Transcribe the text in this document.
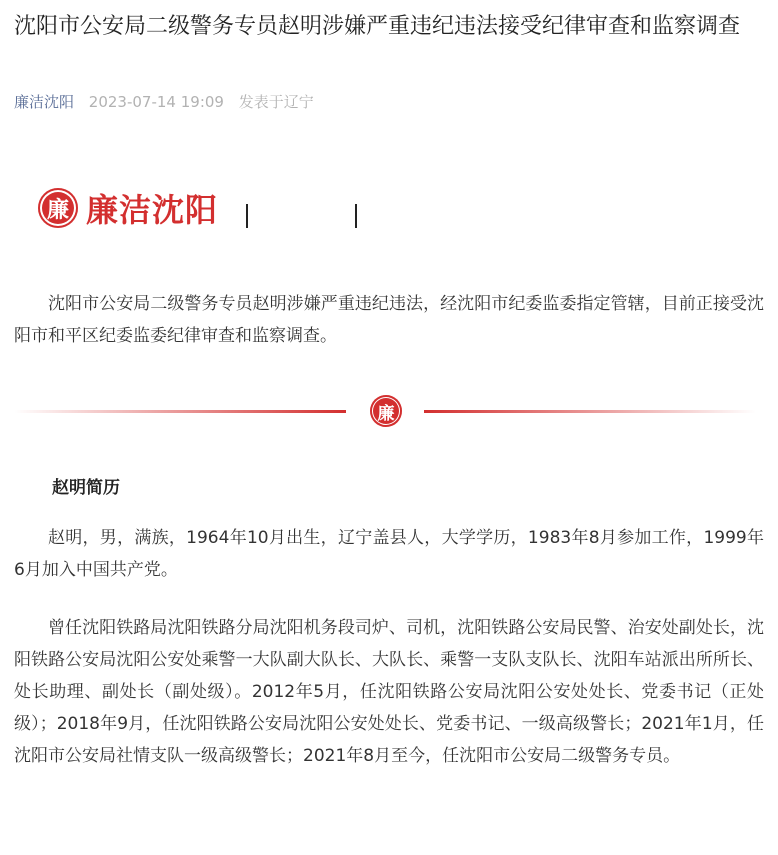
沈阳市公安局二级警务专员赵明涉嫌严重违纪违法接受纪律审查和监察调查
廉洁沈阳 2023-07-14 19:09 发表于辽宁
廉 廉洁沈阳

沈阳市公安局二级警务专员赵明涉嫌严重违纪违法，经沈阳市纪委监委指定管辖，目前正接受沈阳市和平区纪委监委纪律审查和监察调查。

廉
赵明简历

赵明，男，满族，1964年10月出生，辽宁盖县人，大学学历，1983年8月参加工作，1999年6月加入中国共产党。

曾任沈阳铁路局沈阳铁路分局沈阳机务段司炉、司机，沈阳铁路公安局民警、治安处副处长，沈阳铁路公安局沈阳公安处乘警一大队副大队长、大队长、乘警一支队支队长、沈阳车站派出所所长、处长助理、副处长（副处级）。2012年5月，任沈阳铁路公安局沈阳公安处处长、党委书记（正处级）；2018年9月，任沈阳铁路公安局沈阳公安处处长、党委书记、一级高级警长；2021年1月，任沈阳市公安局社情支队一级高级警长；2021年8月至今，任沈阳市公安局二级警务专员。
